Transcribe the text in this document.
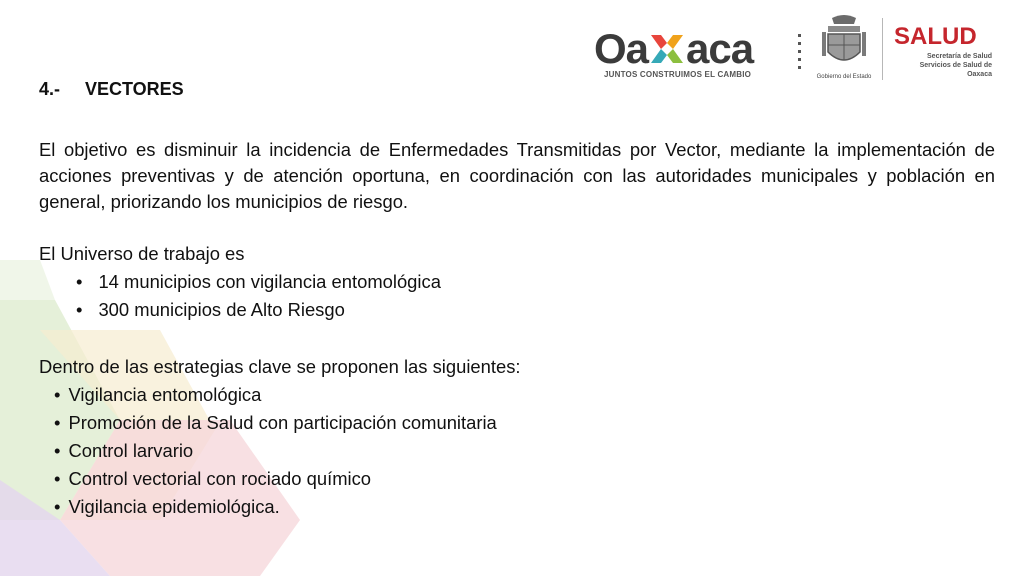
Oa aca
JUNTOS CONSTRUIMOS EL CAMBIO	Gobierno del Estado
SALUD
Secretaría de Salud
Servicios de Salud de Oaxaca
4.- VECTORES
El objetivo es disminuir la incidencia de Enfermedades Transmitidas por Vector, mediante la implementación de acciones preventivas y de atención oportuna, en coordinación con las autoridades municipales y población en general, priorizando los municipios de riesgo.
El Universo de trabajo es
• 14 municipios con vigilancia entomológica
• 300 municipios de Alto Riesgo
Dentro de las estrategias clave se proponen las siguientes:
• Vigilancia entomológica
• Promoción de la Salud con participación comunitaria
• Control larvario
• Control vectorial con rociado químico
• Vigilancia epidemiológica.
